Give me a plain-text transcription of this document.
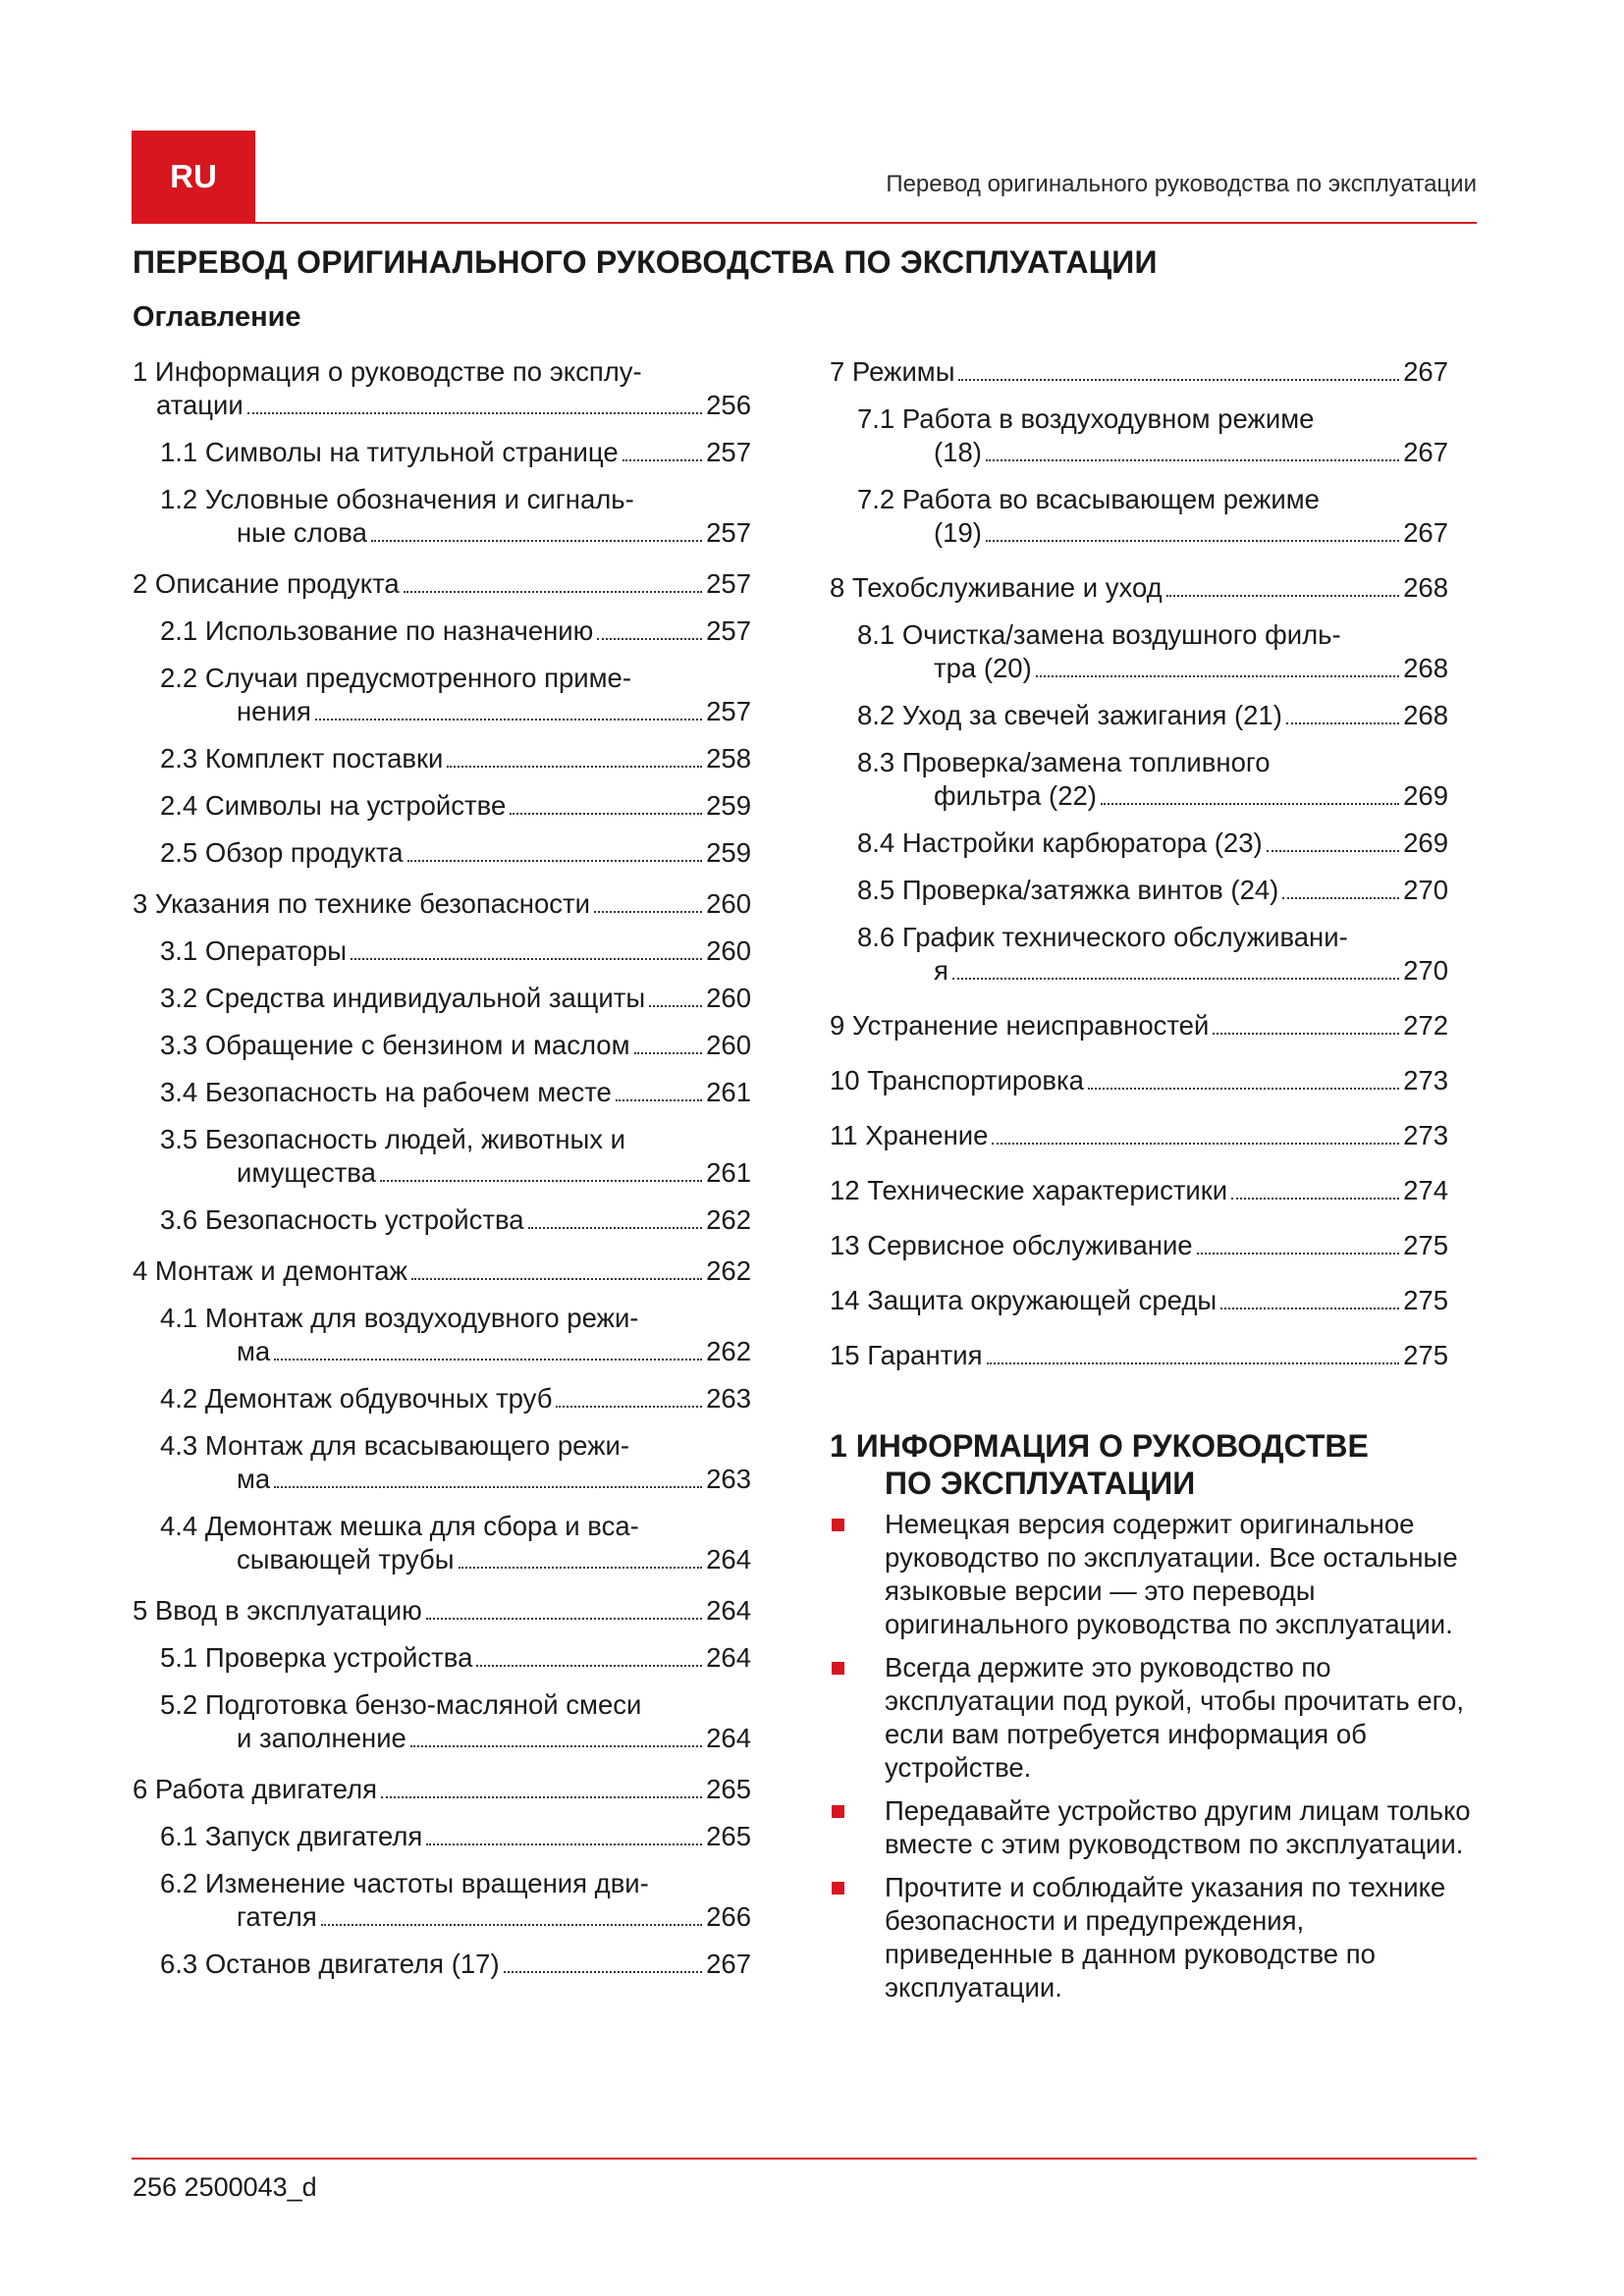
RU	Перевод оригинального руководства по эксплуатации
ПЕРЕВОД ОРИГИНАЛЬНОГО РУКОВОДСТВА ПО ЭКСПЛУАТАЦИИ
Оглавление
1 Информация о руководстве по эксплу-
атации	256
1.1 Символы на титульной странице	257
1.2 Условные обозначения и сигналь-
ные слова	257
2 Описание продукта	257
2.1 Использование по назначению	257
2.2 Случаи предусмотренного приме-
нения	257
2.3 Комплект поставки	258
2.4 Символы на устройстве	259
2.5 Обзор продукта	259
3 Указания по технике безопасности	260
3.1 Операторы	260
3.2 Средства индивидуальной защиты 260
3.3 Обращение с бензином и маслом	260
3.4 Безопасность на рабочем месте	261
3.5 Безопасность людей, животных и
имущества	261
3.6 Безопасность устройства	262
4 Монтаж и демонтаж	262
4.1 Монтаж для воздуходувного режи-
ма	262
4.2 Демонтаж обдувочных труб	263
4.3 Монтаж для всасывающего режи-
ма	263
4.4 Демонтаж мешка для сбора и вса-
сывающей трубы	264
5 Ввод в эксплуатацию	264
5.1 Проверка устройства	264
5.2 Подготовка бензо-масляной смеси
и заполнение	264
6 Работа двигателя	265
6.1 Запуск двигателя	265
6.2 Изменение частоты вращения дви-
гателя	266
6.3 Останов двигателя (17)	267
7 Режимы	267
7.1 Работа в воздуходувном режиме
(18)	267
7.2 Работа во всасывающем режиме
(19)	267
8 Техобслуживание и уход	268
8.1 Очистка/замена воздушного филь-
тра (20)	268
8.2 Уход за свечей зажигания (21)	268
8.3 Проверка/замена топливного
фильтра (22)	269
8.4 Настройки карбюратора (23)	269
8.5 Проверка/затяжка винтов (24)	270
8.6 График технического обслуживани-
я	270
9 Устранение неисправностей	272
10 Транспортировка	273
11 Хранение	273
12 Технические характеристики	274
13 Сервисное обслуживание	275
14 Защита окружающей среды	275
15 Гарантия	275
1 ИНФОРМАЦИЯ О РУКОВОДСТВЕ
ПО ЭКСПЛУАТАЦИИ
Немецкая версия содержит оригинальное руководство по эксплуатации. Все остальные языковые версии — это переводы оригинального руководства по эксплуатации.
Всегда держите это руководство по эксплуатации под рукой, чтобы прочитать его, если вам потребуется информация об устройстве.
Передавайте устройство другим лицам только вместе с этим руководством по эксплуатации.
Прочтите и соблюдайте указания по технике безопасности и предупреждения, приведенные в данном руководстве по эксплуатации.
256 2500043_d
